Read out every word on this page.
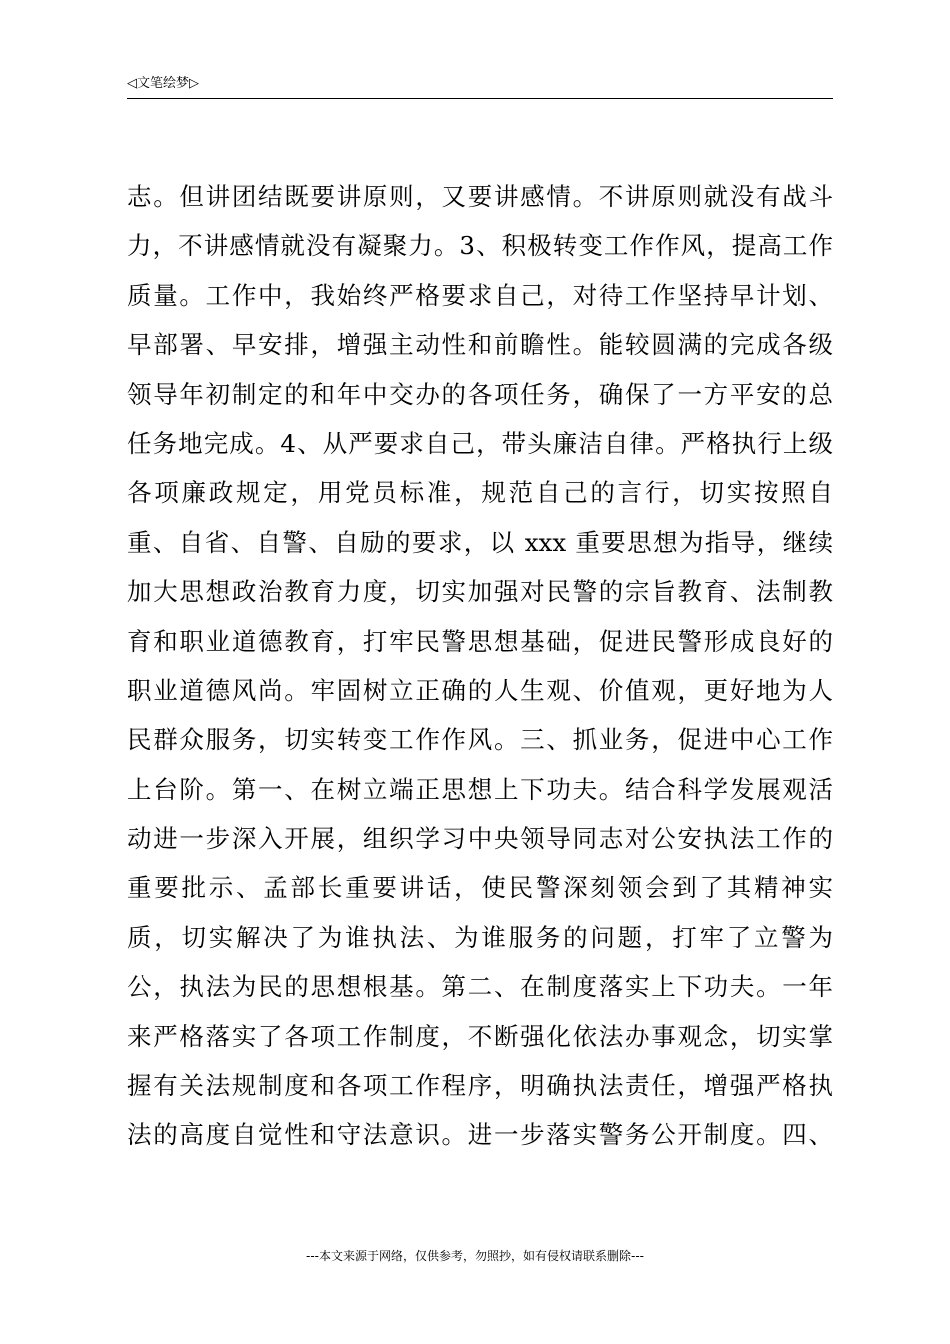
◁文笔绘梦▷
志。但讲团结既要讲原则，又要讲感情。不讲原则就没有战斗
力，不讲感情就没有凝聚力。3、积极转变工作作风，提高工作
质量。工作中，我始终严格要求自己，对待工作坚持早计划、
早部署、早安排，增强主动性和前瞻性。能较圆满的完成各级
领导年初制定的和年中交办的各项任务，确保了一方平安的总
任务地完成。4、从严要求自己，带头廉洁自律。严格执行上级
各项廉政规定，用党员标准，规范自己的言行，切实按照自
重、自省、自警、自励的要求，以 xxx 重要思想为指导，继续
加大思想政治教育力度，切实加强对民警的宗旨教育、法制教
育和职业道德教育，打牢民警思想基础，促进民警形成良好的
职业道德风尚。牢固树立正确的人生观、价值观，更好地为人
民群众服务，切实转变工作作风。三、抓业务，促进中心工作
上台阶。第一、在树立端正思想上下功夫。结合科学发展观活
动进一步深入开展，组织学习中央领导同志对公安执法工作的
重要批示、孟部长重要讲话，使民警深刻领会到了其精神实
质，切实解决了为谁执法、为谁服务的问题，打牢了立警为
公，执法为民的思想根基。第二、在制度落实上下功夫。一年
来严格落实了各项工作制度，不断强化依法办事观念，切实掌
握有关法规制度和各项工作程序，明确执法责任，增强严格执
法的高度自觉性和守法意识。进一步落实警务公开制度。四、
---本文来源于网络，仅供参考，勿照抄，如有侵权请联系删除---
